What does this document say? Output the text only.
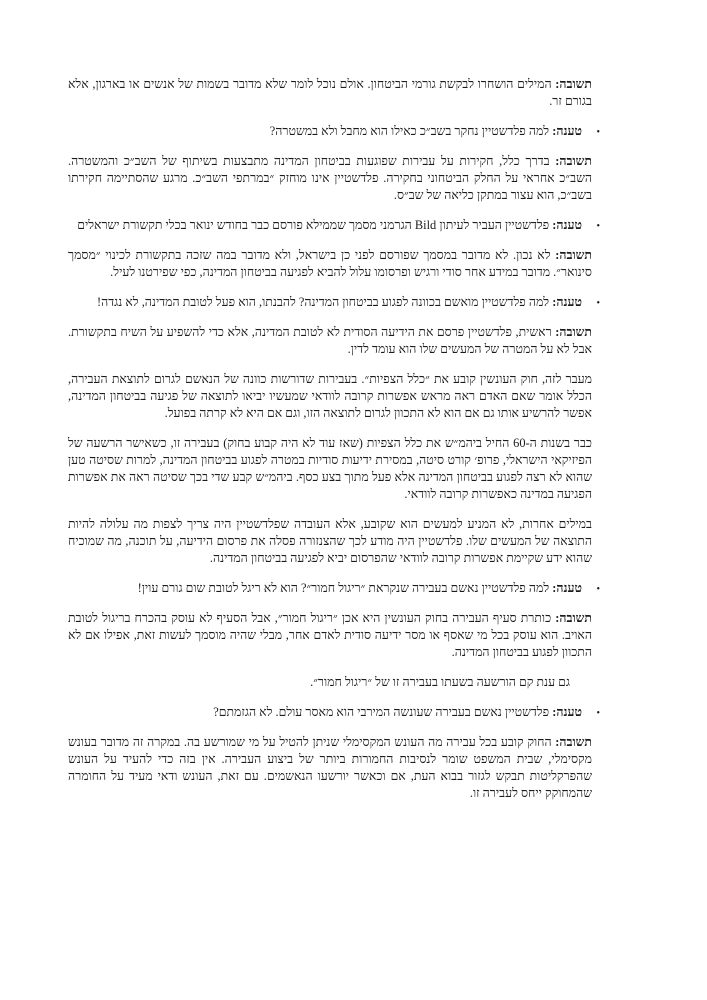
תשובה: המילים הושחרו לבקשת גורמי הביטחון. אולם נוכל לומר שלא מדובר בשמות של אנשים או בארגון, אלא בגורם זר.
•
טענה: למה פלדשטיין נחקר בשב״כ כאילו הוא מחבל ולא במשטרה?
תשובה: בדרך כלל, חקירות על עבירות שפוגעות בביטחון המדינה מתבצעות בשיתוף של השב״כ והמשטרה. השב״כ אחראי על החלק הביטחוני בחקירה. פלדשטיין אינו מוחזק ״במרתפי השב״כ. מרגע שהסתיימה חקירתו בשב״כ, הוא עצור במתקן כליאה של שב״ס.
•
טענה: פלדשטיין העביר לעיתון Bild הגרמני מסמך שממילא פורסם כבר בחודש ינואר בכלי תקשורת ישראלים
תשובה: לא נכון. לא מדובר במסמך שפורסם לפני כן בישראל, ולא מדובר במה שזכה בתקשורת לכינוי ״מסמך סינואר״. מדובר במידע אחר סודי ורגיש ופרסומו עלול להביא לפגיעה בביטחון המדינה, כפי שפירטנו לעיל.
•
טענה: למה פלדשטיין מואשם בכוונה לפגוע בביטחון המדינה? להבנתו, הוא פעל לטובת המדינה, לא נגדה!
תשובה: ראשית, פלדשטיין פרסם את הידיעה הסודית לא לטובת המדינה, אלא כדי להשפיע על השיח בתקשורת. אבל לא על המטרה של המעשים שלו הוא עומד לדין.
מעבר לזה, חוק העונשין קובע את ״כלל הצפיות״. בעבירות שדורשות כוונה של הנאשם לגרום לתוצאת העבירה, הכלל אומר שאם האדם ראה מראש אפשרות קרובה לוודאי שמעשיו יביאו לתוצאה של פגיעה בביטחון המדינה, אפשר להרשיע אותו גם אם הוא לא התכוון לגרום לתוצאה הזו, וגם אם היא לא קרתה בפועל.
כבר בשנות ה-60 החיל ביהמ״ש את כלל הצפיות (שאז עוד לא היה קבוע בחוק) בעבירה זו, כשאישר הרשעה של הפיזיקאי הישראלי, פרופ׳ קורט סיטה, במסירת ידיעות סודיות במטרה לפגוע בביטחון המדינה, למרות שסיטה טען שהוא לא רצה לפגוע בביטחון המדינה אלא פעל מתוך בצע כסף. ביהמ״ש קבע שדי בכך שסיטה ראה את אפשרות הפגיעה במדינה כאפשרות קרובה לוודאי.
במילים אחרות, לא המניע למעשים הוא שקובע, אלא העובדה שפלדשטיין היה צריך לצפות מה עלולה להיות התוצאה של המעשים שלו. פלדשטיין היה מודע לכך שהצנזורה פסלה את פרסום הידיעה, על תוכנה, מה שמוכיח שהוא ידע שקיימת אפשרות קרובה לוודאי שהפרסום יביא לפגיעה בביטחון המדינה.
•
טענה: למה פלדשטיין נאשם בעבירה שנקראת ״ריגול חמור״? הוא לא ריגל לטובת שום גורם עוין!
תשובה: כותרת סעיף העבירה בחוק העונשין היא אכן ״ריגול חמור״, אבל הסעיף לא עוסק בהכרח בריגול לטובת האויב. הוא עוסק בכל מי שאסף או מסר ידיעה סודית לאדם אחר, מבלי שהיה מוסמך לעשות זאת, אפילו אם לא התכוון לפגוע בביטחון המדינה.
גם ענת קם הורשעה בשעתו בעבירה זו של ״ריגול חמור״.
•
טענה: פלדשטיין נאשם בעבירה שעונשה המירבי הוא מאסר עולם. לא הגזמתם?
תשובה: החוק קובע בכל עבירה מה העונש המקסימלי שניתן להטיל על מי שמורשע בה. במקרה זה מדובר בעונש מקסימלי, שבית המשפט שומר לנסיבות החמורות ביותר של ביצוע העבירה. אין בזה כדי להעיד על העונש שהפרקליטות תבקש לגזור בבוא העת, אם וכאשר יורשעו הנאשמים. עם זאת, העונש ודאי מעיד על החומרה שהמחוקק ייחס לעבירה זו.
